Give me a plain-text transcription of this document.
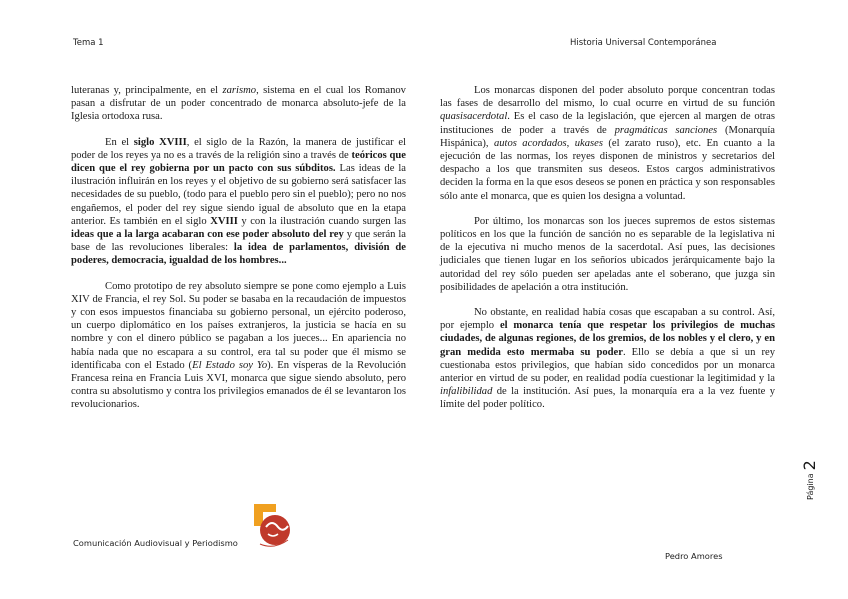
Tema 1	Historia Universal Contemporánea

luteranas y, principalmente, en el zarismo, sistema en el cual los Romanov pasan a disfrutar de un poder concentrado de monarca absoluto-jefe de la Iglesia ortodoxa rusa.

En el siglo XVIII, el siglo de la Razón, la manera de justificar el poder de los reyes ya no es a través de la religión sino a través de teóricos que dicen que el rey gobierna por un pacto con sus súbditos. Las ideas de la ilustración influirán en los reyes y el objetivo de su gobierno será satisfacer las necesidades de su pueblo, (todo para el pueblo pero sin el pueblo); pero no nos engañemos, el poder del rey sigue siendo igual de absoluto que en la etapa anterior. Es también en el siglo XVIII y con la ilustración cuando surgen las ideas que a la larga acabaran con ese poder absoluto del rey y que serán la base de las revoluciones liberales: la idea de parlamentos, división de poderes, democracia, igualdad de los hombres...

Como prototipo de rey absoluto siempre se pone como ejemplo a Luis XIV de Francia, el rey Sol. Su poder se basaba en la recaudación de impuestos y con esos impuestos financiaba su gobierno personal, un ejército poderoso, un cuerpo diplomático en los países extranjeros, la justicia se hacía en su nombre y con el dinero público se pagaban a los jueces... En apariencia no había nada que no escapara a su control, era tal su poder que él mismo se identificaba con el Estado (El Estado soy Yo). En vísperas de la Revolución Francesa reina en Francia Luis XVI, monarca que sigue siendo absoluto, pero contra su absolutismo y contra los privilegios emanados de él se levantaron los revolucionarios.

Los monarcas disponen del poder absoluto porque concentran todas las fases de desarrollo del mismo, lo cual ocurre en virtud de su función quasisacerdotal. Es el caso de la legislación, que ejercen al margen de otras instituciones de poder a través de pragmáticas sanciones (Monarquía Hispánica), autos acordados, ukases (el zarato ruso), etc. En cuanto a la ejecución de las normas, los reyes disponen de ministros y secretarios del despacho a los que transmiten sus deseos. Estos cargos administrativos deciden la forma en la que esos deseos se ponen en práctica y son responsables sólo ante el monarca, que es quien los designa a voluntad.

Por último, los monarcas son los jueces supremos de estos sistemas políticos en los que la función de sanción no es separable de la legislativa ni de la ejecutiva ni mucho menos de la sacerdotal. Así pues, las decisiones judiciales que tienen lugar en los señoríos ubicados jerárquicamente bajo la autoridad del rey sólo pueden ser apeladas ante el soberano, que juzga sin posibilidades de apelación a otra institución.

No obstante, en realidad había cosas que escapaban a su control. Así, por ejemplo el monarca tenía que respetar los privilegios de muchas ciudades, de algunas regiones, de los gremios, de los nobles y el clero, y en gran medida esto mermaba su poder. Ello se debía a que si un rey cuestionaba estos privilegios, que habían sido concedidos por un monarca anterior en virtud de su poder, en realidad podía cuestionar la legitimidad y la infalibilidad de la institución. Así pues, la monarquía era a la vez fuente y límite del poder político.

Comunicación Audiovisual y Periodismo
Pedro Amores
Página2
